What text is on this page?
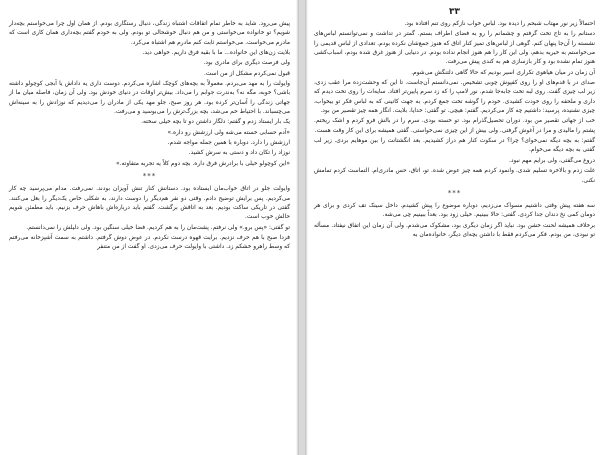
پیش می‌رود. شاید به خاطر تمام اتفاقات اشتباه زندگی، دنبال رستگاری بودم. از همان اول چرا می‌خواستم بچه‌دار شویم؟ تو خانواده می‌خواستی و من هم دنبال خوشحالی تو بودم. ولی به خودم گفتم بچه‌داری همان کاری است که مادرم می‌خواست. می‌خواستم ثابت کنم مادرم هم اشتباه می‌کرد.
بلایت زن‌های این خانواده... ما با بقیه فرق داریم. خواهی دید.
ولی فرصت دیگری برای مادری بود.
قبول نمی‌کردم مشکل از من است.
وایولت را به مهد می‌بردم. معمولاً به بچه‌های کوچک اشاره می‌کردم. دوست داری یه داداش یا آبجی کوچولو داشته باشی؟ خوبه، مگه نه؟ به‌ندرت جوابم را می‌داد. بیش‌تر اوقات در دنیای خودش بود. ولی آن زمان، فاصله میان ما از جهاتی زندگی را آسان‌تر کرده بود. هر روز صبح، جلو مهد یکی از مادران را می‌دیدیم که نوزادش را به سینه‌اش می‌چسباند. با احتیاط خم می‌شد، بچه بزرگ‌ترش را می‌بوسید و می‌رفت.
یک بار ایستاد زدم و گفتم: دلگار داشتن دو تا بچه خیلی سخته.
«آدم حسابی خسته می‌شه ولی ارزشش رو داره.»
ارزشش را دارد. دوباره با همین جمله مواجه شدم.
نوزاد را تکان داد و دستی به سرش کشید.
«این کوچولو خیلی با برادرش فرق داره. بچه دوم کلاً یه تجربه متفاوته.»
***
وایولت جلو در اتاق خواب‌مان ایستاده بود. دستانش کنار تنش آویزان بودند. نمی‌رفت. مدام می‌پرسید چه کار می‌کردیم. پس برایش توضیح دادم. وقتی دو نفر هم‌دیگر را دوست دارند، به شکلی خاص یک‌دیگر را بغل می‌کنند. گفتی در تاریکی ساکت بودیم. بعد به اتاقش برگشت. گفتم باید درباره‌اش باهاش حرف بزنیم. باید مطمئن شویم حالش خوب است.
تو گفتی: «پس برو.» ولی نرفتم. پشت‌مان را به هم کردیم. فضا خیلی سنگین بود. ولی دلیلش را نمی‌دانستم.
فردا صبح با هم حرف نزدیم. برایت قهوه درست نکردم. در عوض دوش گرفتم. داشتم به سمت آشپزخانه می‌رفتم که وسط راهرو خشکم زد. داشتی با وایولت حرف می‌زدی. او گفت از من متنفر
۳۳
احتمالاً زیر نور مهتاب شبحم را دیده بود. لباس خواب نازکم روی تنم افتاده بود.
دستانم را به تاج تخت گرفتم و چشمانم را رو به فضای اطراف بستم. گمتر در تداشت و نمی‌توانستم لباس‌های نشسته را آن‌جا پنهان کنم. گوهی از لباس‌های تمیز کنار اتاق که هنوز جمع‌شان نکرده بودم. تعدادی از لباس قدیمی را می‌خواستم به خیریه بدهم، ولی این کار را هم هنوز انجام نداده بودم. در دنیایی از هنوز غرق شده بودم، اسباب‌کشی هنوز تمام نشده بود و کار بازسازی هم به کندی پیش می‌رفت.
آن زمان در میان هیاهوی تکراری اسیر بودیم که حالا گاهی دلتنگش می‌شوم.
صدای در با قدم‌های او را روی کفپوش چوبی تشخیص. نمی‌دانستم آن‌جاست. تا این که وحشت‌زده مرا عقب زدی، زیر لب چیزی گفت. روی لبه تخت جابه‌جا شدم. نور لامپ را که زد سرم پایین‌تر افتاد. سایه‌ات را روی تخت دیدم که داری و ملحفه را روی خودت کشیدی. خودم را گوشه تخت جمع کردم. به جهت کاتینی که به لباس فکر تو بیخواب، چیزی نشنیده، پرسید: داشتیم چه کار می‌کردیم. گفتم: هیچی. تو گفتی: خدایا، بلایت. انگار همه چیز تقصیر من بود.
خب از جهاتی تقصیر من بود. دوران تحصیل‌گذرام بود. تو خسته بودی. سرم را در بالش فرو کردم و اشک ریختم. پشتم را مالیدی و مرا در آغوش گرفتی. ولی بیش از این چیزی نمی‌خواستی. گفتی همیشه برای این کار وقت هست.
گفتم: به بچه دیگه نمی‌خوای؟ چرا؟ در سکوت کنار هم دراز کشیدیم. بعد انگشتانت را بین موهایم بردی. زیر لب گفتی به بچه دیگه می‌خوام.
دروغ می‌گفتی، ولی برایم مهم نبود.
غلت زدم و بالاخره تسلیم شدی. وانمود کردم همه چیز عوض شده. تو، اتاق، حس مادری‌ام. التماست کردم تمامش نکنی.
***
سه هفته پیش وقتی داشتیم مسواک می‌زدیم، دوباره موضوع را پیش کشیدم. داخل سینک تف کردی و برای هر دومان کمی نخ دندان جدا کردی. گفتی: حالا ببینیم. خیلی زود بود. بعداً ببینیم چی می‌شه.
برخلاف همیشه لحنت خشن بود. نباید اگر زمان دیگری بود، مشکوک می‌شدم. ولی آن زمان این اتفاق نیفتاد. مسأله تو نبودی، من بودم. فکر می‌کردم فقط با داشتن بچه‌ای دیگر، خانواده‌مان به
